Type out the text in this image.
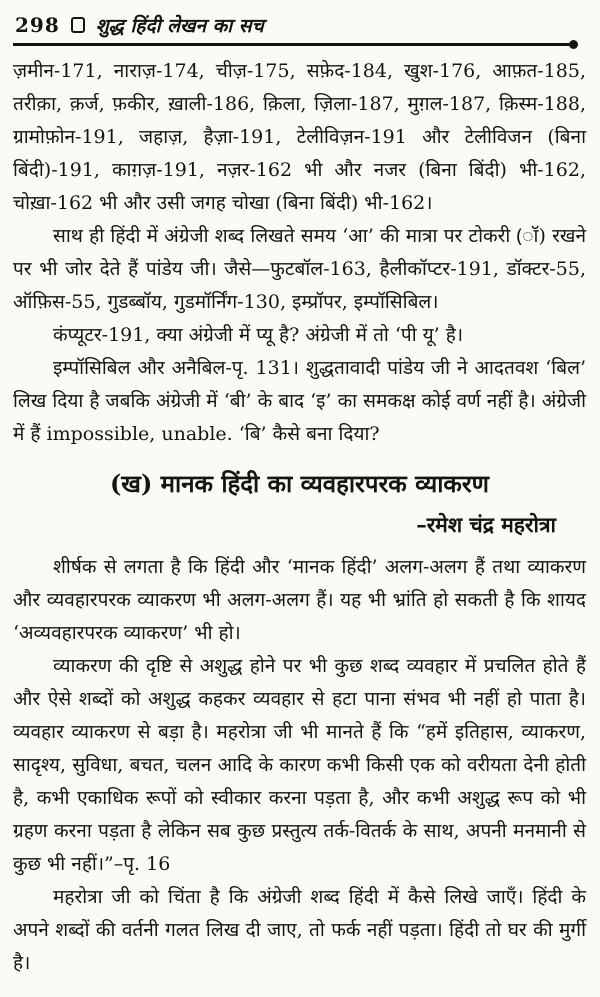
298 शुद्ध हिंदी लेखन का सच

ज़मीन-171, नाराज़-174, चीज़-175, सफ़ेद-184, खुश-176, आफ़त-185, तरीक़ा, क़र्ज, फ़कीर, ख़ाली-186, क़िला, ज़िला-187, मुग़ल-187, क़िस्म-188, ग्रामोफ़ोन-191, जहाज़, हैज़ा-191, टेलीविज़न-191 और टेलीविजन (बिना बिंदी)-191, काग़ज़-191, नज़र-162 भी और नजर (बिना बिंदी) भी-162, चोख़ा-162 भी और उसी जगह चोखा (बिना बिंदी) भी-162।

साथ ही हिंदी में अंग्रेजी शब्द लिखते समय ‘आ’ की मात्रा पर टोकरी (ॉ) रखने पर भी जोर देते हैं पांडेय जी। जैसे—फुटबॉल-163, हैलीकॉप्टर-191, डॉक्टर-55, ऑफ़िस-55, गुडब्बॉय, गुडमॉर्निंग-130, इम्प्रॉपर, इम्पॉसिबिल।

कंप्यूटर-191, क्या अंग्रेजी में प्यू है? अंग्रेजी में तो ‘पी यू’ है।

इम्पॉसिबिल और अनैबिल-पृ. 131। शुद्धतावादी पांडेय जी ने आदतवश ‘बिल’ लिख दिया है जबकि अंग्रेजी में ‘बी’ के बाद ‘इ’ का समकक्ष कोई वर्ण नहीं है। अंग्रेजी में हैं impossible, unable. ‘बि’ कैसे बना दिया?

(ख) मानक हिंदी का व्यवहारपरक व्याकरण
–रमेश चंद्र महरोत्रा

शीर्षक से लगता है कि हिंदी और ‘मानक हिंदी’ अलग-अलग हैं तथा व्याकरण और व्यवहारपरक व्याकरण भी अलग-अलग हैं। यह भी भ्रांति हो सकती है कि शायद ‘अव्यवहारपरक व्याकरण’ भी हो।

व्याकरण की दृष्टि से अशुद्ध होने पर भी कुछ शब्द व्यवहार में प्रचलित होते हैं और ऐसे शब्दों को अशुद्ध कहकर व्यवहार से हटा पाना संभव भी नहीं हो पाता है। व्यवहार व्याकरण से बड़ा है। महरोत्रा जी भी मानते हैं कि “हमें इतिहास, व्याकरण, सादृश्य, सुविधा, बचत, चलन आदि के कारण कभी किसी एक को वरीयता देनी होती है, कभी एकाधिक रूपों को स्वीकार करना पड़ता है, और कभी अशुद्ध रूप को भी ग्रहण करना पड़ता है लेकिन सब कुछ प्रस्तुत्य तर्क-वितर्क के साथ, अपनी मनमानी से कुछ भी नहीं।”–पृ. 16

महरोत्रा जी को चिंता है कि अंग्रेजी शब्द हिंदी में कैसे लिखे जाएँ। हिंदी के अपने शब्दों की वर्तनी गलत लिख दी जाए, तो फर्क नहीं पड़ता। हिंदी तो घर की मुर्गी है।
